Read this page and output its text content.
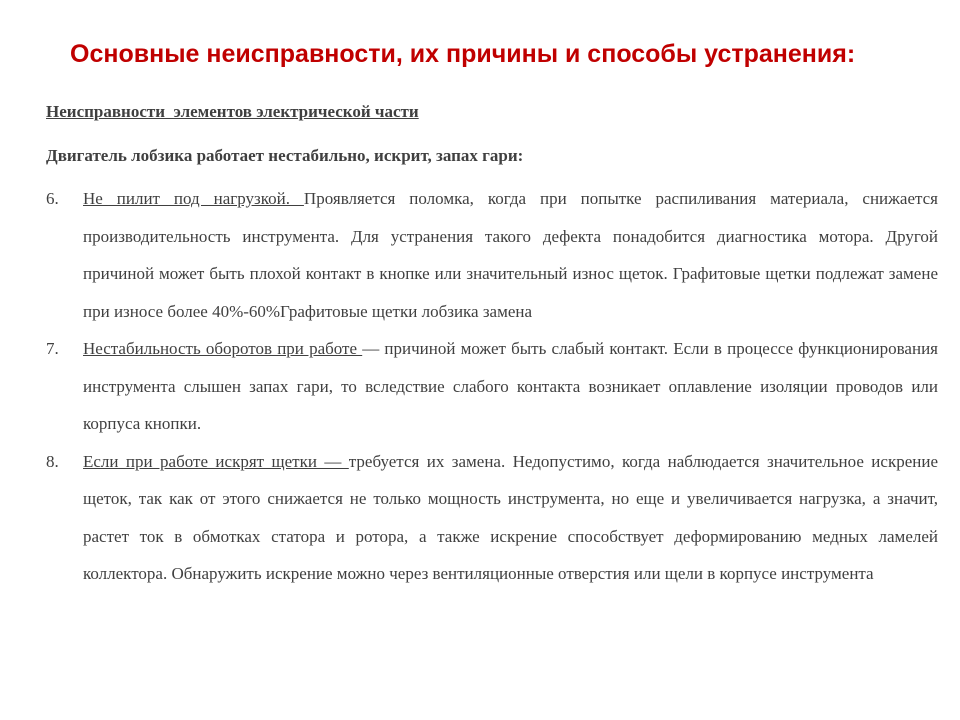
Основные неисправности, их причины и способы устранения:
Неисправности  элементов электрической части
Двигатель лобзика работает нестабильно, искрит, запах гари:
6. Не пилит под нагрузкой. Проявляется поломка, когда при попытке распиливания материала, снижается производительность инструмента. Для устранения такого дефекта понадобится диагностика мотора. Другой причиной может быть плохой контакт в кнопке или значительный износ щеток. Графитовые щетки подлежат замене при износе более 40%-60%Графитовые щетки лобзика замена
7. Нестабильность оборотов при работе — причиной может быть слабый контакт. Если в процессе функционирования инструмента слышен запах гари, то вследствие слабого контакта возникает оплавление изоляции проводов или корпуса кнопки.
8. Если при работе искрят щетки — требуется их замена. Недопустимо, когда наблюдается значительное искрение щеток, так как от этого снижается не только мощность инструмента, но еще и увеличивается нагрузка, а значит, растет ток в обмотках статора и ротора, а также искрение способствует деформированию медных ламелей коллектора. Обнаружить искрение можно через вентиляционные отверстия или щели в корпусе инструмента
